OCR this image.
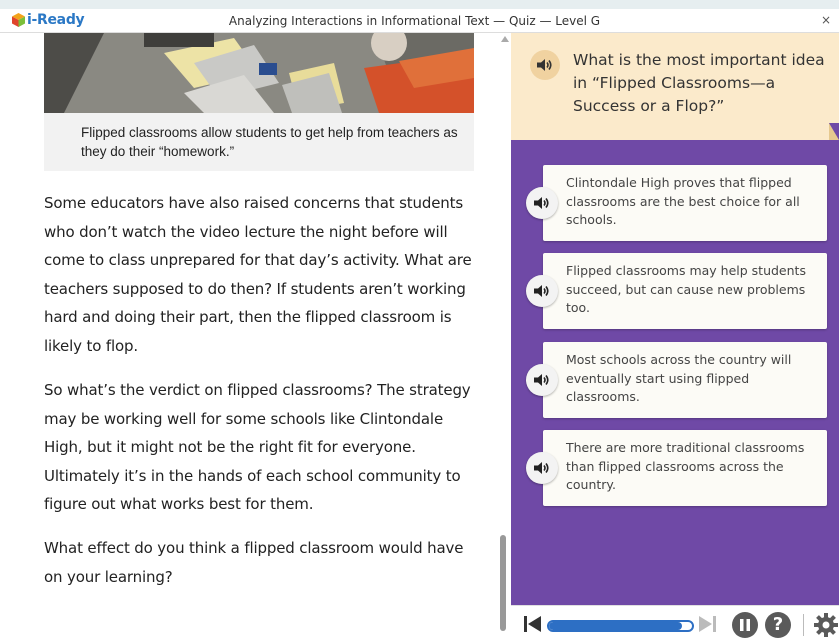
i-Ready	Analyzing Interactions in Informational Text — Quiz — Level G	×
Flipped classrooms allow students to get help from teachers as they do their “homework.”

Some educators have also raised concerns that students who don’t watch the video lecture the night before will come to class unprepared for that day’s activity. What are teachers supposed to do then? If students aren’t working hard and doing their part, then the flipped classroom is likely to flop.

So what’s the verdict on flipped classrooms? The strategy may be working well for some schools like Clintondale High, but it might not be the right fit for everyone. Ultimately it’s in the hands of each school community to figure out what works best for them.

What effect do you think a flipped classroom would have on your learning?

What is the most important idea in “Flipped Classrooms—a Success or a Flop?”
Clintondale High proves that flipped classrooms are the best choice for all schools.
Flipped classrooms may help students succeed, but can cause new problems too.
Most schools across the country will eventually start using flipped classrooms.
There are more traditional classrooms than flipped classrooms across the country.
?
